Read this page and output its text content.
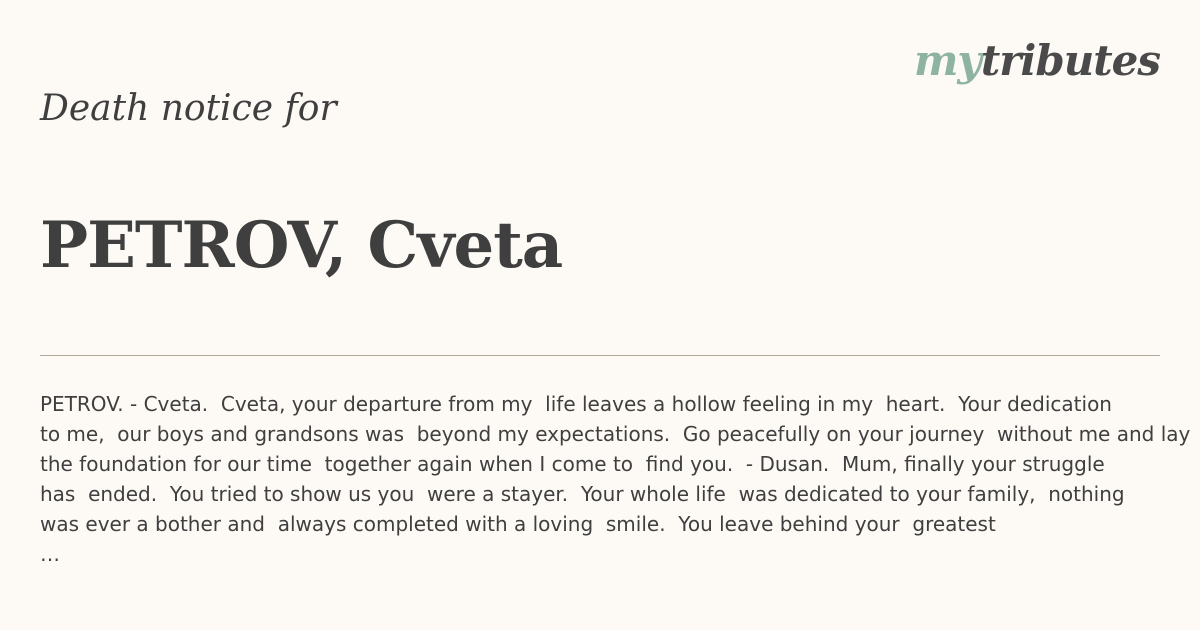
mytributes
Death notice for
PETROV, Cveta
PETROV. - Cveta.  Cveta, your departure from my  life leaves a hollow feeling in my  heart.  Your dedication
to me,  our boys and grandsons was  beyond my expectations.  Go peacefully on your journey  without me and lay
the foundation for our time  together again when I come to  find you.  - Dusan.  Mum, finally your struggle
has  ended.  You tried to show us you  were a stayer.  Your whole life  was dedicated to your family,  nothing
was ever a bother and  always completed with a loving  smile.  You leave behind your  greatest
…
